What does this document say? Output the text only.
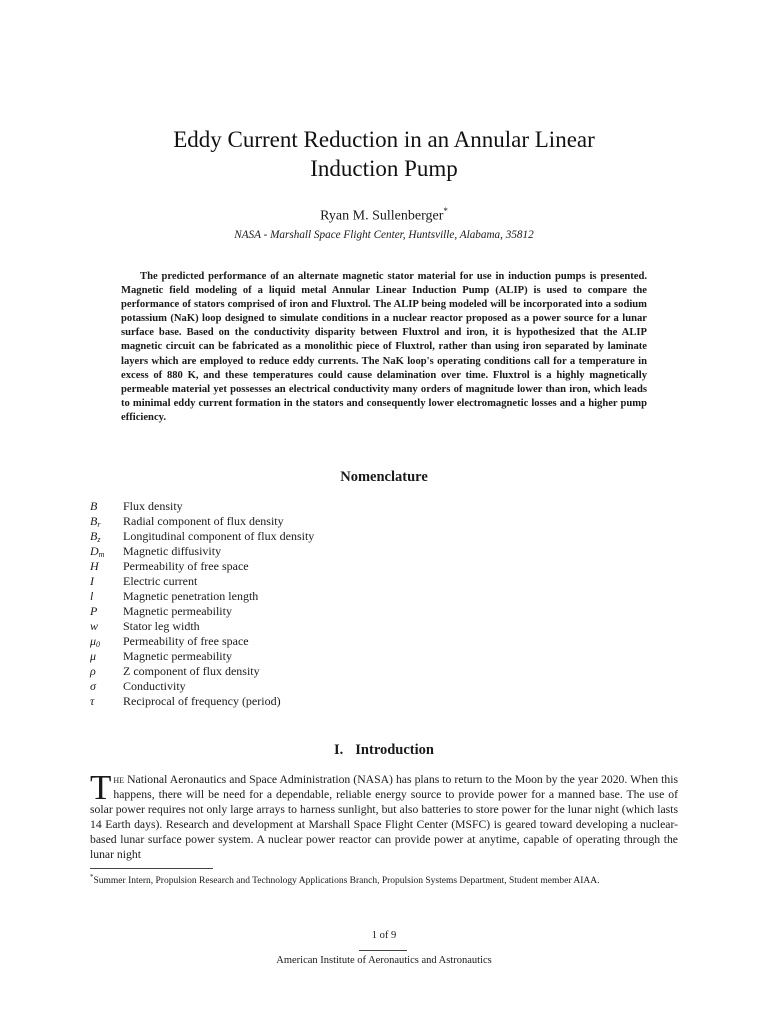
Eddy Current Reduction in an Annular Linear
Induction Pump
Ryan M. Sullenberger*
NASA - Marshall Space Flight Center, Huntsville, Alabama, 35812

The predicted performance of an alternate magnetic stator material for use in induction pumps is presented. Magnetic field modeling of a liquid metal Annular Linear Induction Pump (ALIP) is used to compare the performance of stators comprised of iron and Fluxtrol. The ALIP being modeled will be incorporated into a sodium potassium (NaK) loop designed to simulate conditions in a nuclear reactor proposed as a power source for a lunar surface base. Based on the conductivity disparity between Fluxtrol and iron, it is hypothesized that the ALIP magnetic circuit can be fabricated as a monolithic piece of Fluxtrol, rather than using iron separated by laminate layers which are employed to reduce eddy currents. The NaK loop's operating conditions call for a temperature in excess of 880 K, and these temperatures could cause delamination over time. Fluxtrol is a highly magnetically permeable material yet possesses an electrical conductivity many orders of magnitude lower than iron, which leads to minimal eddy current formation in the stators and consequently lower electromagnetic losses and a higher pump efficiency.

Nomenclature
B	Flux density
$B_r$	Radial component of flux density
$B_z$	Longitudinal component of flux density
$D_m$	Magnetic diffusivity
H	Permeability of free space
I	Electric current
l	Magnetic penetration length
P	Magnetic permeability
w	Stator leg width
$\mu_0$	Permeability of free space
μ	Magnetic permeability
ρ	Z component of flux density
σ	Conductivity
τ	Reciprocal of frequency (period)
I. Introduction

The National Aeronautics and Space Administration (NASA) has plans to return to the Moon by the year 2020. When this happens, there will be need for a dependable, reliable energy source to provide power for a manned base. The use of solar power requires not only large arrays to harness sunlight, but also batteries to store power for the lunar night (which lasts 14 Earth days). Research and development at Marshall Space Flight Center (MSFC) is geared toward developing a nuclear-based lunar surface power system. A nuclear power reactor can provide power at anytime, capable of operating through the lunar night

*Summer Intern, Propulsion Research and Technology Applications Branch, Propulsion Systems Department, Student member AIAA.
1 of 9
American Institute of Aeronautics and Astronautics
